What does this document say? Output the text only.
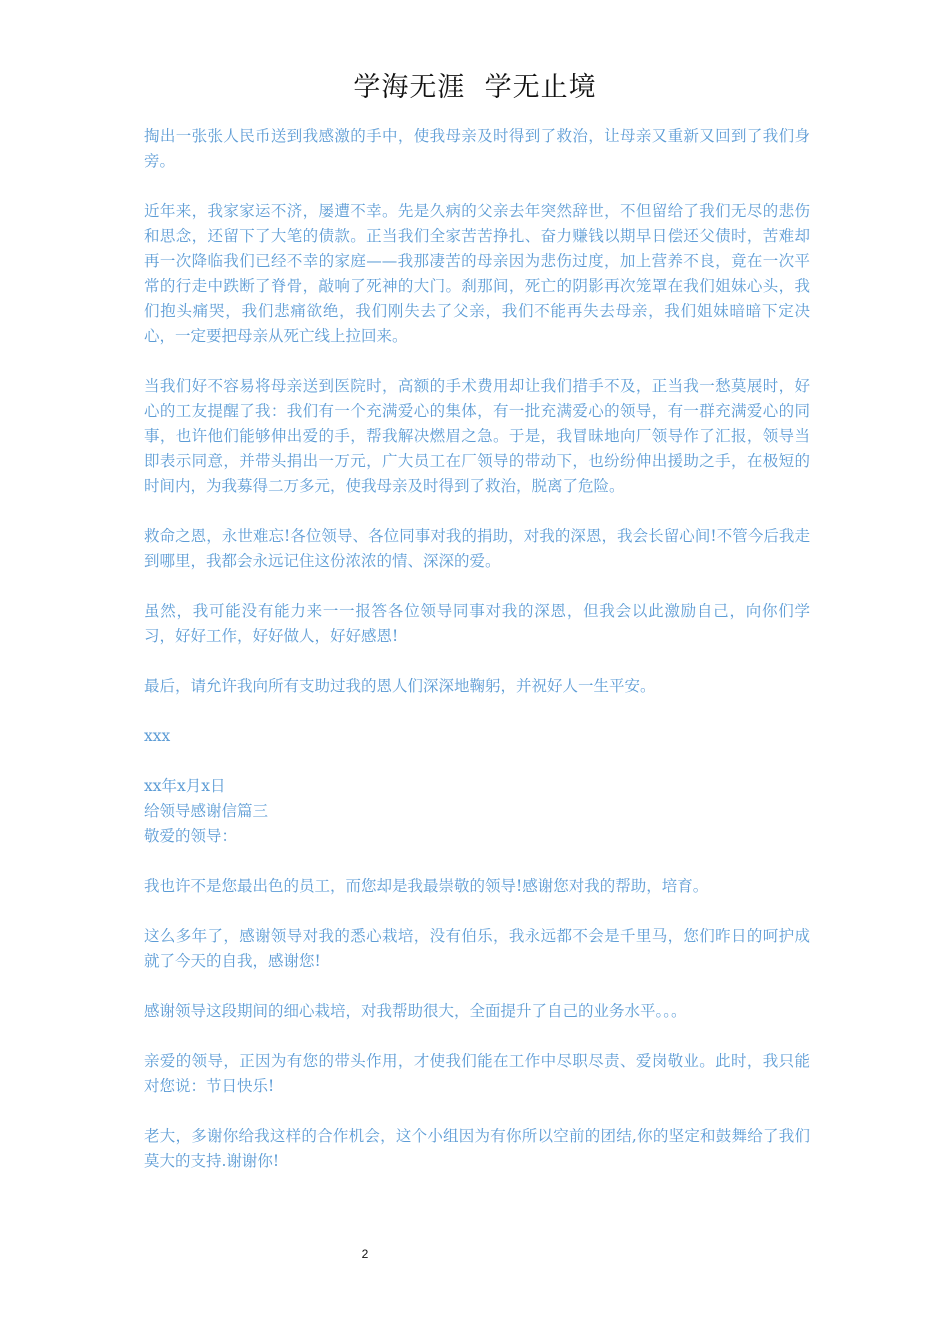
学海无涯  学无止境

掏出一张张人民币送到我感激的手中，使我母亲及时得到了救治，让母亲又重新又回到了我们身旁。

近年来，我家家运不济，屡遭不幸。先是久病的父亲去年突然辞世，不但留给了我们无尽的悲伤和思念，还留下了大笔的债款。正当我们全家苦苦挣扎、奋力赚钱以期早日偿还父债时，苦难却再一次降临我们已经不幸的家庭——我那凄苦的母亲因为悲伤过度，加上营养不良，竟在一次平常的行走中跌断了脊骨，敲响了死神的大门。刹那间，死亡的阴影再次笼罩在我们姐妹心头，我们抱头痛哭，我们悲痛欲绝，我们刚失去了父亲，我们不能再失去母亲，我们姐妹暗暗下定决心，一定要把母亲从死亡线上拉回来。

当我们好不容易将母亲送到医院时，高额的手术费用却让我们措手不及，正当我一愁莫展时，好心的工友提醒了我：我们有一个充满爱心的集体，有一批充满爱心的领导，有一群充满爱心的同事，也许他们能够伸出爱的手，帮我解决燃眉之急。于是，我冒昧地向厂领导作了汇报，领导当即表示同意，并带头捐出一万元，广大员工在厂领导的带动下，也纷纷伸出援助之手，在极短的时间内，为我募得二万多元，使我母亲及时得到了救治，脱离了危险。

救命之恩，永世难忘!各位领导、各位同事对我的捐助，对我的深恩，我会长留心间!不管今后我走到哪里，我都会永远记住这份浓浓的情、深深的爱。

虽然，我可能没有能力来一一报答各位领导同事对我的深恩，但我会以此激励自己，向你们学习，好好工作，好好做人，好好感恩!

最后，请允许我向所有支助过我的恩人们深深地鞠躬，并祝好人一生平安。

xxx

xx年x月x日

给领导感谢信篇三

敬爱的领导：

我也许不是您最出色的员工，而您却是我最崇敬的领导!感谢您对我的帮助，培育。

这么多年了，感谢领导对我的悉心栽培，没有伯乐，我永远都不会是千里马，您们昨日的呵护成就了今天的自我，感谢您!

感谢领导这段期间的细心栽培，对我帮助很大，全面提升了自己的业务水平。。。

亲爱的领导，正因为有您的带头作用，才使我们能在工作中尽职尽责、爱岗敬业。此时，我只能对您说：节日快乐!

老大，多谢你给我这样的合作机会，这个小组因为有你所以空前的团结,你的坚定和鼓舞给了我们莫大的支持.谢谢你!

2
